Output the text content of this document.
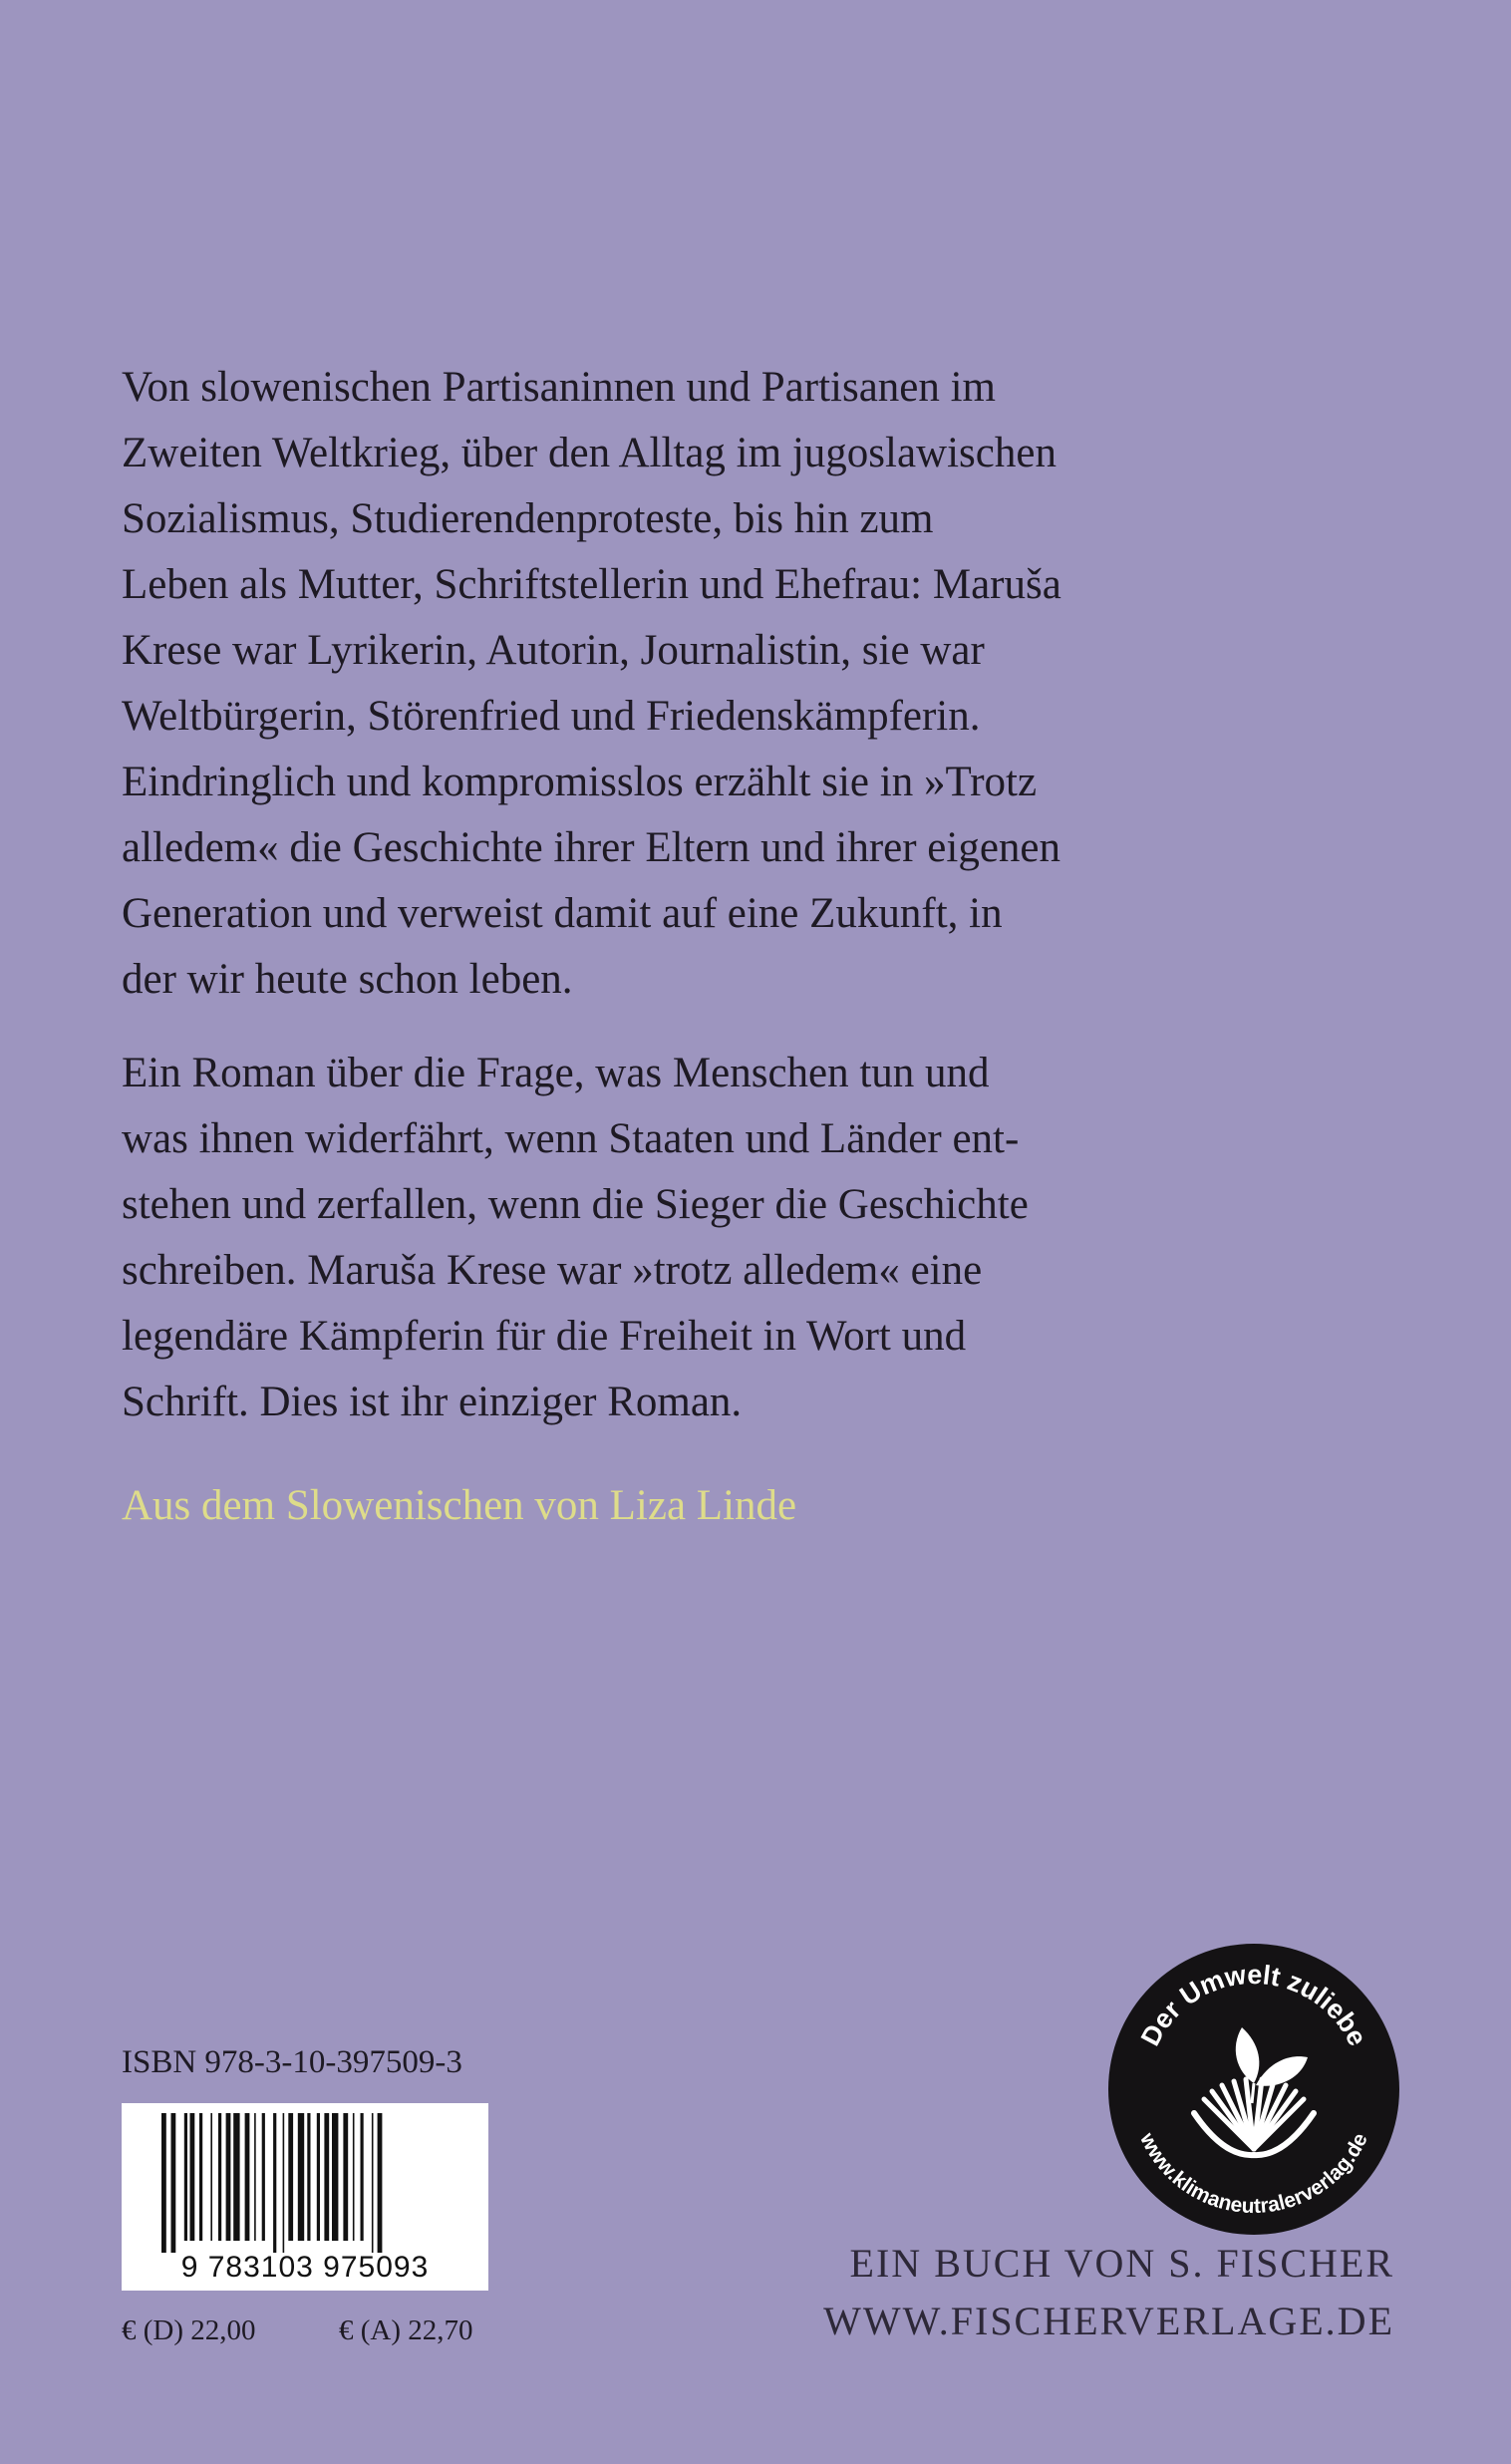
Von slowenischen Partisaninnen und Partisanen im
Zweiten Weltkrieg, über den Alltag im jugoslawischen
Sozialismus, Studierendenproteste, bis hin zum
Leben als Mutter, Schriftstellerin und Ehefrau: Maruša
Krese war Lyrikerin, Autorin, Journalistin, sie war
Weltbürgerin, Störenfried und Friedenskämpferin.
Eindringlich und kompromisslos erzählt sie in »Trotz
alledem« die Geschichte ihrer Eltern und ihrer eigenen
Generation und verweist damit auf eine Zukunft, in
der wir heute schon leben.

Ein Roman über die Frage, was Menschen tun und
was ihnen widerfährt, wenn Staaten und Länder ent-
stehen und zerfallen, wenn die Sieger die Geschichte
schreiben. Maruša Krese war »trotz alledem« eine
legendäre Kämpferin für die Freiheit in Wort und
Schrift. Dies ist ihr einziger Roman.

Aus dem Slowenischen von Liza Linde
ISBN 978-3-10-397509-3
9 783103 975093
€ (D) 22,00	€ (A) 22,70
Der Umwelt zuliebe
www.klimaneutralerverlag.de
EIN BUCH VON S. FISCHER
WWW.FISCHERVERLAGE.DE
